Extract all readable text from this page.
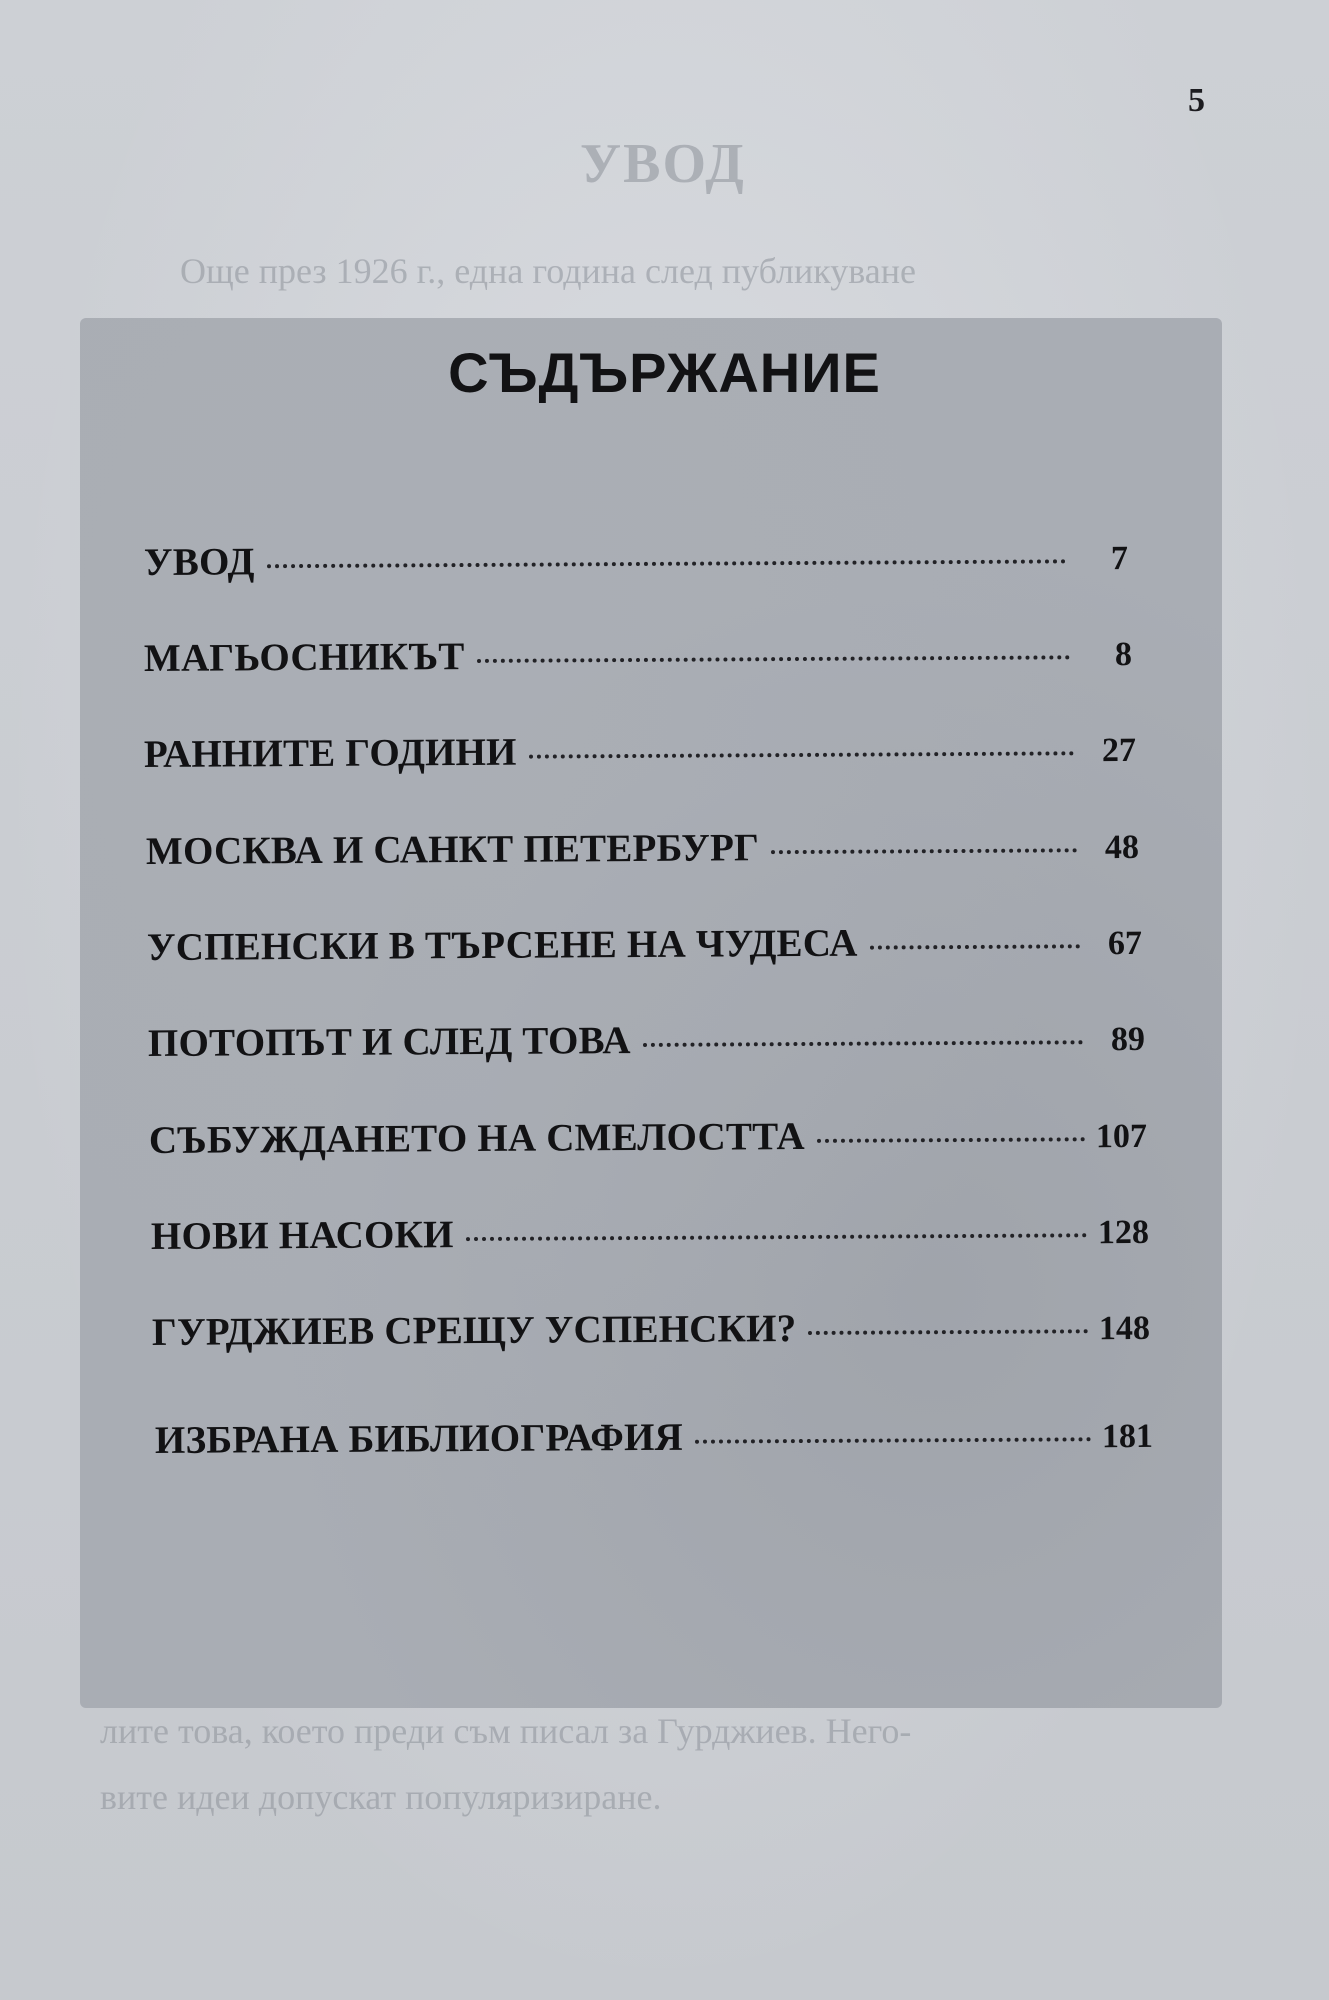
УВОД
Още през 1926 г., една година след публикуване
5
СЪДЪРЖАНИЕ
УВОД	7
МАГЬОСНИКЪТ	8
РАННИТЕ ГОДИНИ	27
МОСКВА И САНКТ ПЕТЕРБУРГ	48
УСПЕНСКИ В ТЪРСЕНЕ НА ЧУДЕСА	67
ПОТОПЪТ И СЛЕД ТОВА	89
СЪБУЖДАНЕТО НА СМЕЛОСТТА	107
НОВИ НАСОКИ	128
ГУРДЖИЕВ СРЕЩУ УСПЕНСКИ?	148
ИЗБРАНА БИБЛИОГРАФИЯ	181
лите това, което преди съм писал за Гурджиев. Него-
вите идеи допускат популяризиране.
